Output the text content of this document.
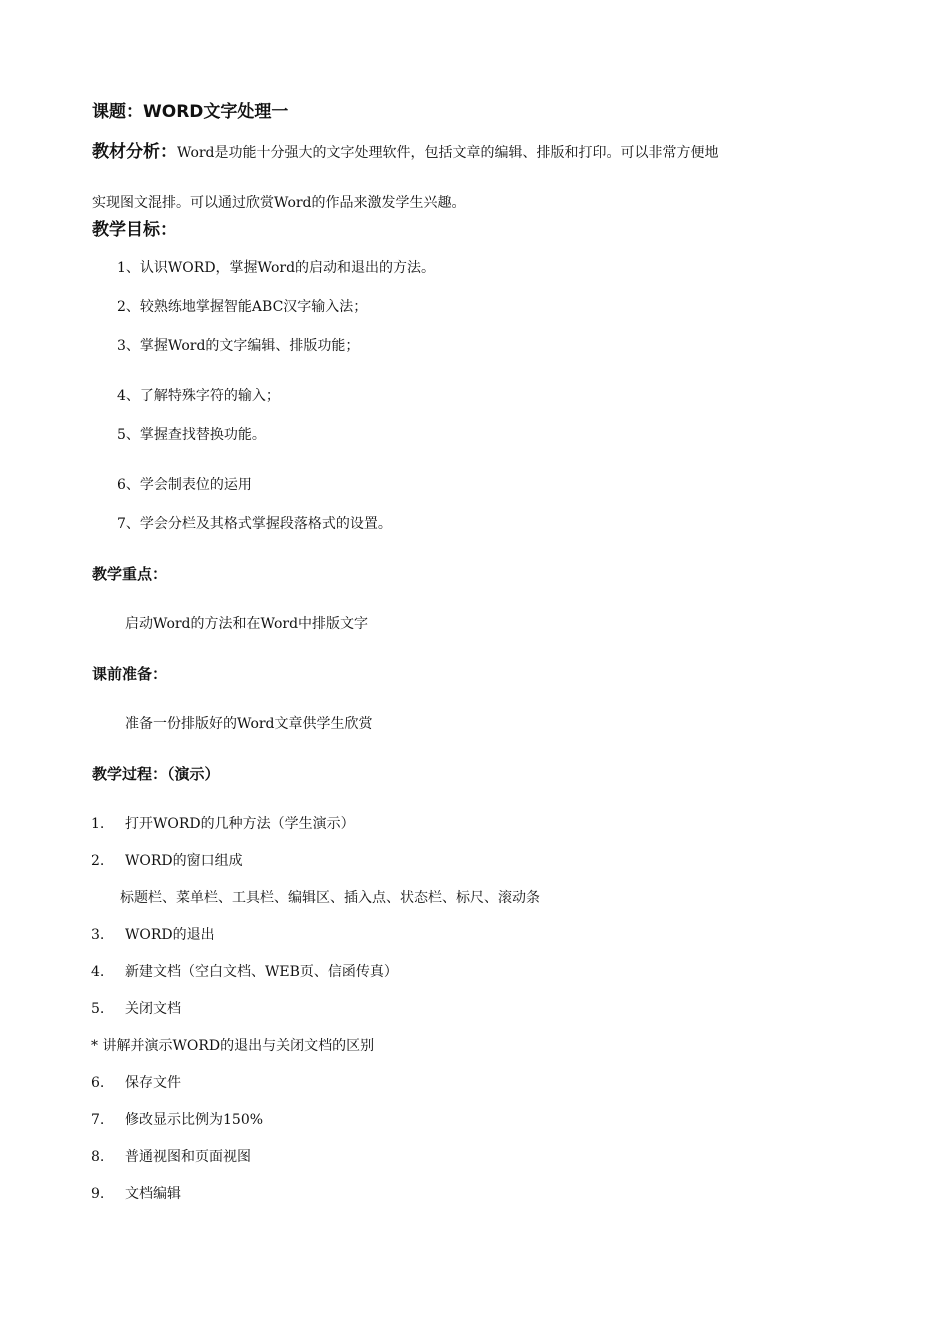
课题：WORD文字处理一
教材分析：Word是功能十分强大的文字处理软件，包括文章的编辑、排版和打印。可以非常方便地
实现图文混排。可以通过欣赏Word的作品来激发学生兴趣。
教学目标：
1、认识WORD，掌握Word的启动和退出的方法。
2、较熟练地掌握智能ABC汉字输入法；
3、掌握Word的文字编辑、排版功能；
4、了解特殊字符的输入；
5、掌握查找替换功能。
6、学会制表位的运用
7、学会分栏及其格式掌握段落格式的设置。
教学重点：
启动Word的方法和在Word中排版文字
课前准备：
准备一份排版好的Word文章供学生欣赏
教学过程：（演示）
1. 打开WORD的几种方法（学生演示）
2. WORD的窗口组成
标题栏、菜单栏、工具栏、编辑区、插入点、状态栏、标尺、滚动条
3. WORD的退出
4. 新建文档（空白文档、WEB页、信函传真）
5. 关闭文档
* 讲解并演示WORD的退出与关闭文档的区别
6. 保存文件
7. 修改显示比例为150%
8. 普通视图和页面视图
9. 文档编辑
